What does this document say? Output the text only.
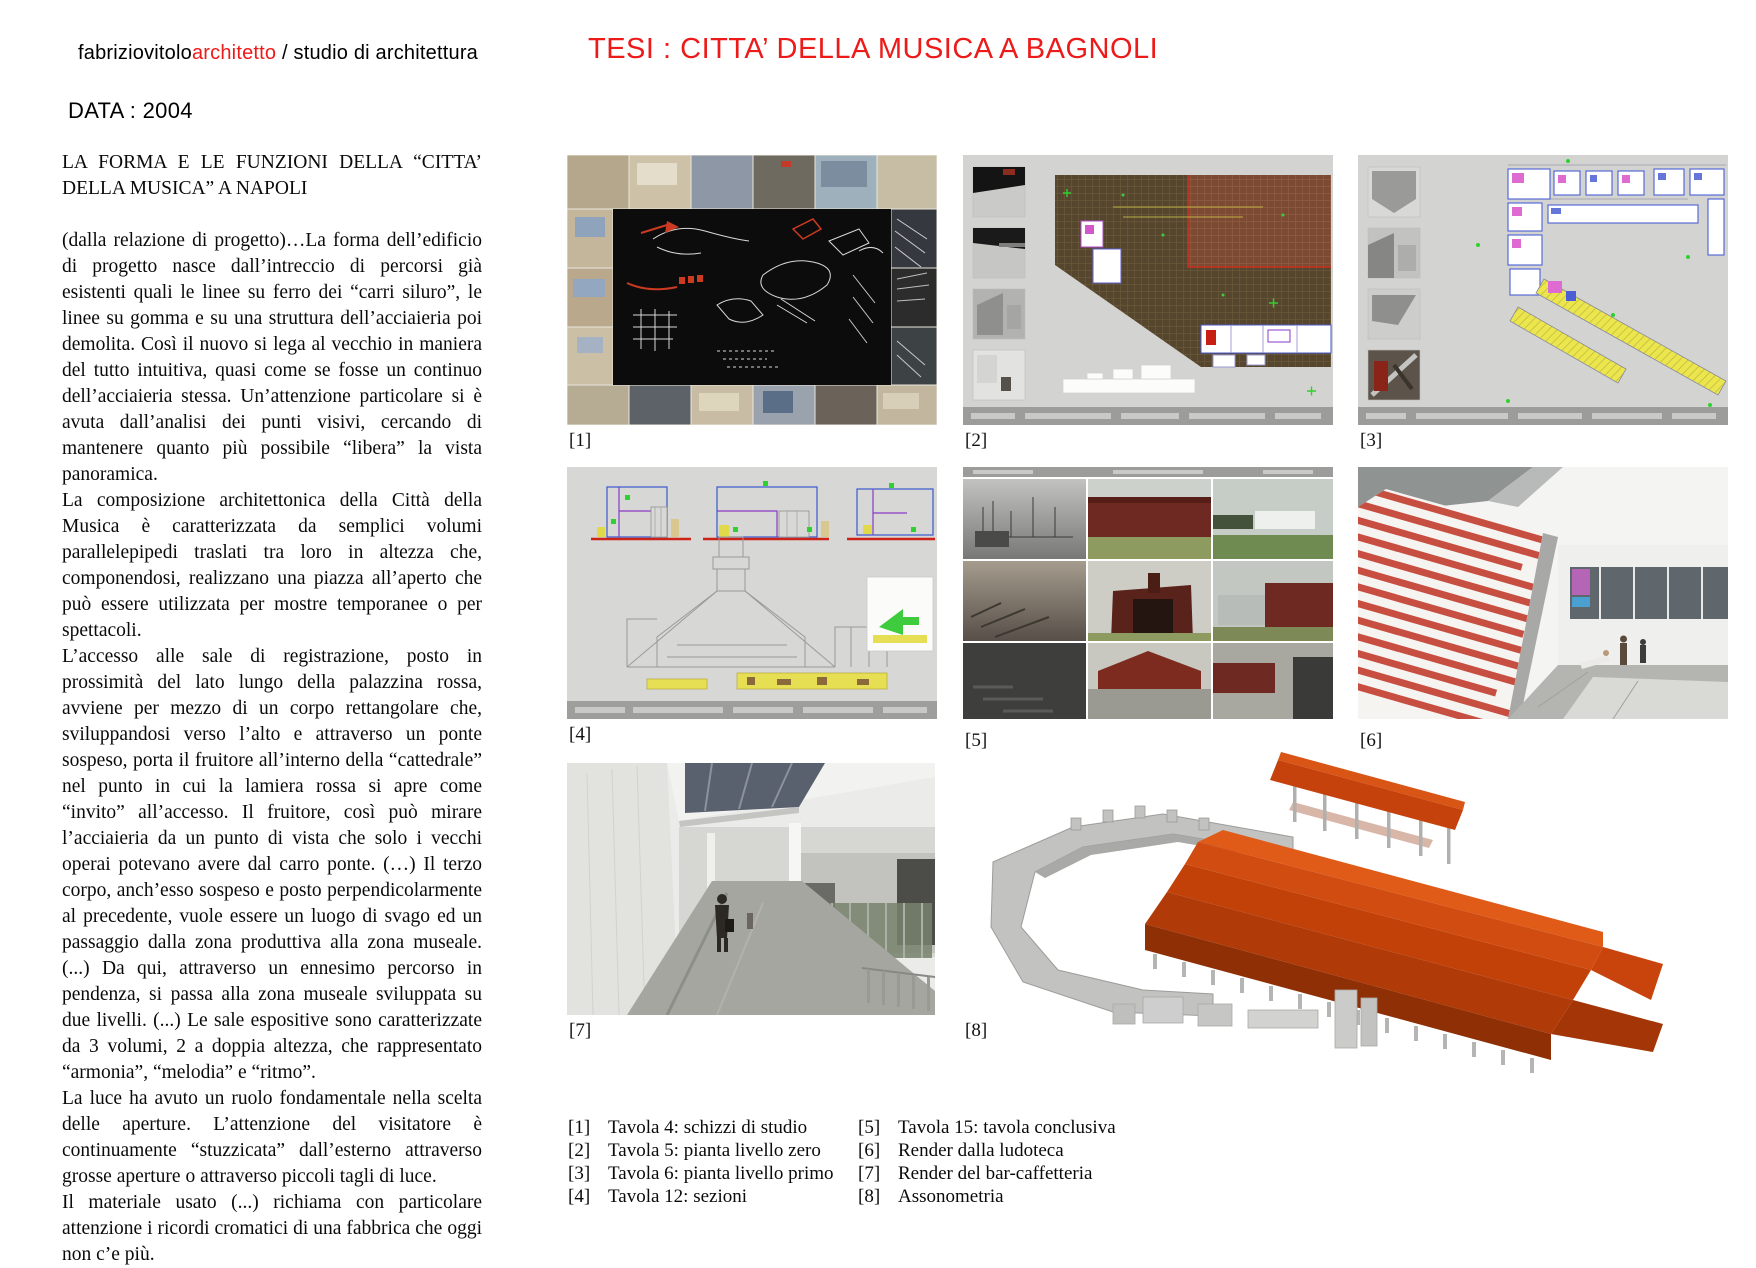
fabriziovitoloarchitetto / studio di architettura	TESI : CITTA’ DELLA MUSICA A BAGNOLI
DATA : 2004
LA FORMA E LE FUNZIONI DELLA “CITTA’ DELLA MUSICA” A NAPOLI

(dalla relazione di progetto)…La forma dell’edificio di progetto nasce dall’intreccio di percorsi già esistenti quali le linee su ferro dei “carri siluro”, le linee su gomma e su una struttura dell’acciaieria poi demolita. Così il nuovo si lega al vecchio in maniera del tutto intuitiva, quasi come se fosse un continuo dell’acciaieria stessa. Un’attenzione particolare si è avuta dall’analisi dei punti visivi, cercando di mantenere quanto più possibile “libera” la vista panoramica.

La composizione architettonica della Città della Musica è caratterizzata da semplici volumi parallelepipedi traslati tra loro in altezza che, componendosi, realizzano una piazza all’aperto che può essere utilizzata per mostre temporanee o per spettacoli.

L’accesso alle sale di registrazione, posto in prossimità del lato lungo della palazzina rossa, avviene per mezzo di un corpo rettangolare che, sviluppandosi verso l’alto e attraverso un ponte sospeso, porta il fruitore all’interno della “cattedrale” nel punto in cui la lamiera rossa si apre come “invito” all’accesso. Il fruitore, così può mirare l’acciaieria da un punto di vista che solo i vecchi operai potevano avere dal carro ponte. (…) Il terzo corpo, anch’esso sospeso e posto perpendicolarmente al precedente, vuole essere un luogo di svago ed un passaggio dalla zona produttiva alla zona museale. (...) Da qui, attraverso un ennesimo percorso in pendenza, si passa alla zona museale sviluppata su due livelli. (...) Le sale espositive sono caratterizzate da 3 volumi, 2 a doppia altezza, che rappresentato “armonia”, “melodia” e “ritmo”.

La luce ha avuto un ruolo fondamentale nella scelta delle aperture. L’attenzione del visitatore è continuamente “stuzzicata” dall’esterno attraverso grosse aperture o attraverso piccoli tagli di luce.

Il materiale usato (...) richiama con particolare attenzione i ricordi cromatici di una fabbrica che oggi non c’e più.

[1]	[2]	[3]
[4]	[5]	[6]
[7]	[8]
[1] Tavola 4: schizzi di studio
[2] Tavola 5: pianta livello zero
[3] Tavola 6: pianta livello primo
[4] Tavola 12: sezioni
[5] Tavola 15: tavola conclusiva
[6] Render dalla ludoteca
[7] Render del bar-caffetteria
[8] Assonometria
